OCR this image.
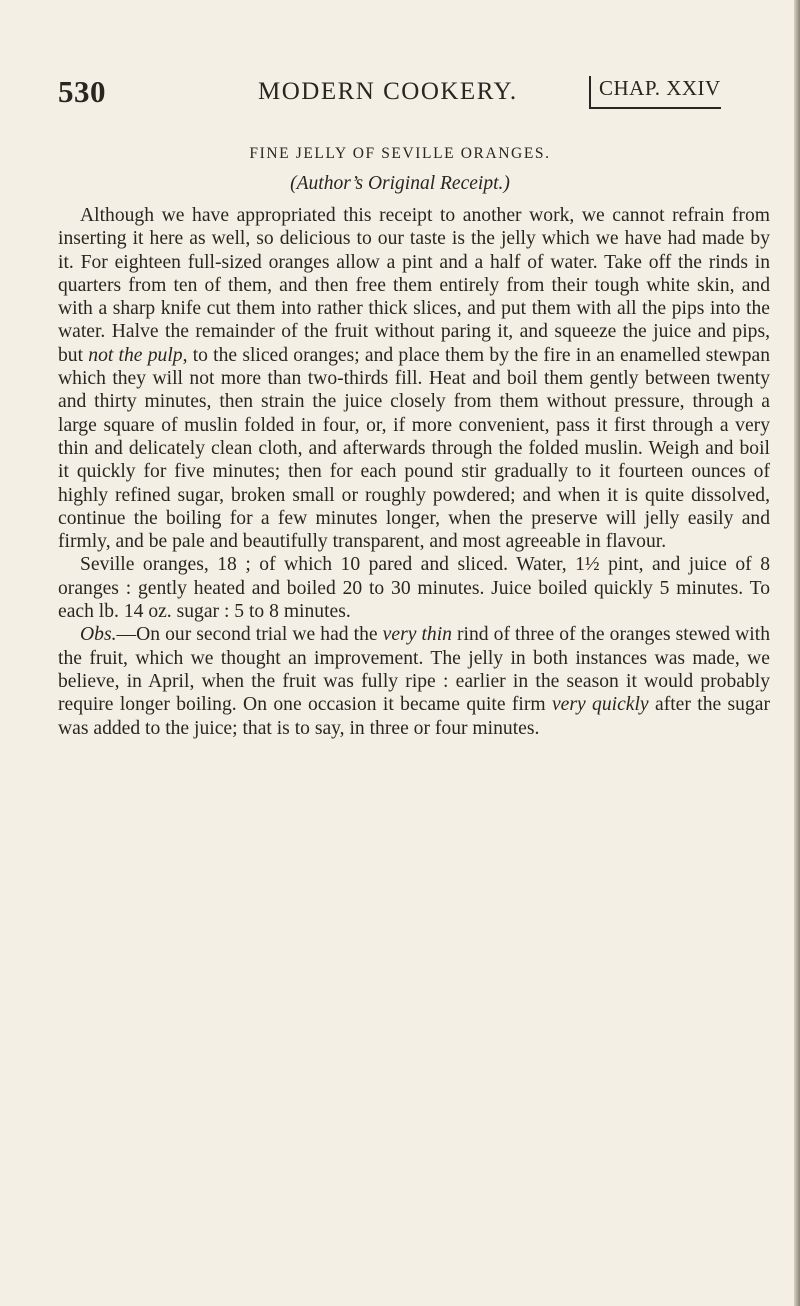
530	MODERN COOKERY.	CHAP. XXIV
FINE JELLY OF SEVILLE ORANGES.
(Author’s Original Receipt.)

Although we have appropriated this receipt to another work, we cannot refrain from inserting it here as well, so delicious to our taste is the jelly which we have had made by it. For eighteen full-sized oranges allow a pint and a half of water. Take off the rinds in quarters from ten of them, and then free them entirely from their tough white skin, and with a sharp knife cut them into rather thick slices, and put them with all the pips into the water. Halve the remainder of the fruit without paring it, and squeeze the juice and pips, but not the pulp, to the sliced oranges; and place them by the fire in an enamelled stewpan which they will not more than two-thirds fill. Heat and boil them gently between twenty and thirty minutes, then strain the juice closely from them without pressure, through a large square of muslin folded in four, or, if more convenient, pass it first through a very thin and delicately clean cloth, and afterwards through the folded muslin. Weigh and boil it quickly for five minutes; then for each pound stir gradually to it fourteen ounces of highly refined sugar, broken small or roughly powdered; and when it is quite dissolved, continue the boiling for a few minutes longer, when the preserve will jelly easily and firmly, and be pale and beautifully transparent, and most agreeable in flavour.

Seville oranges, 18 ; of which 10 pared and sliced. Water, 1½ pint, and juice of 8 oranges : gently heated and boiled 20 to 30 minutes. Juice boiled quickly 5 minutes. To each lb. 14 oz. sugar : 5 to 8 minutes.

Obs.—On our second trial we had the very thin rind of three of the oranges stewed with the fruit, which we thought an improvement. The jelly in both instances was made, we believe, in April, when the fruit was fully ripe : earlier in the season it would probably require longer boiling. On one occasion it became quite firm very quickly after the sugar was added to the juice; that is to say, in three or four minutes.
